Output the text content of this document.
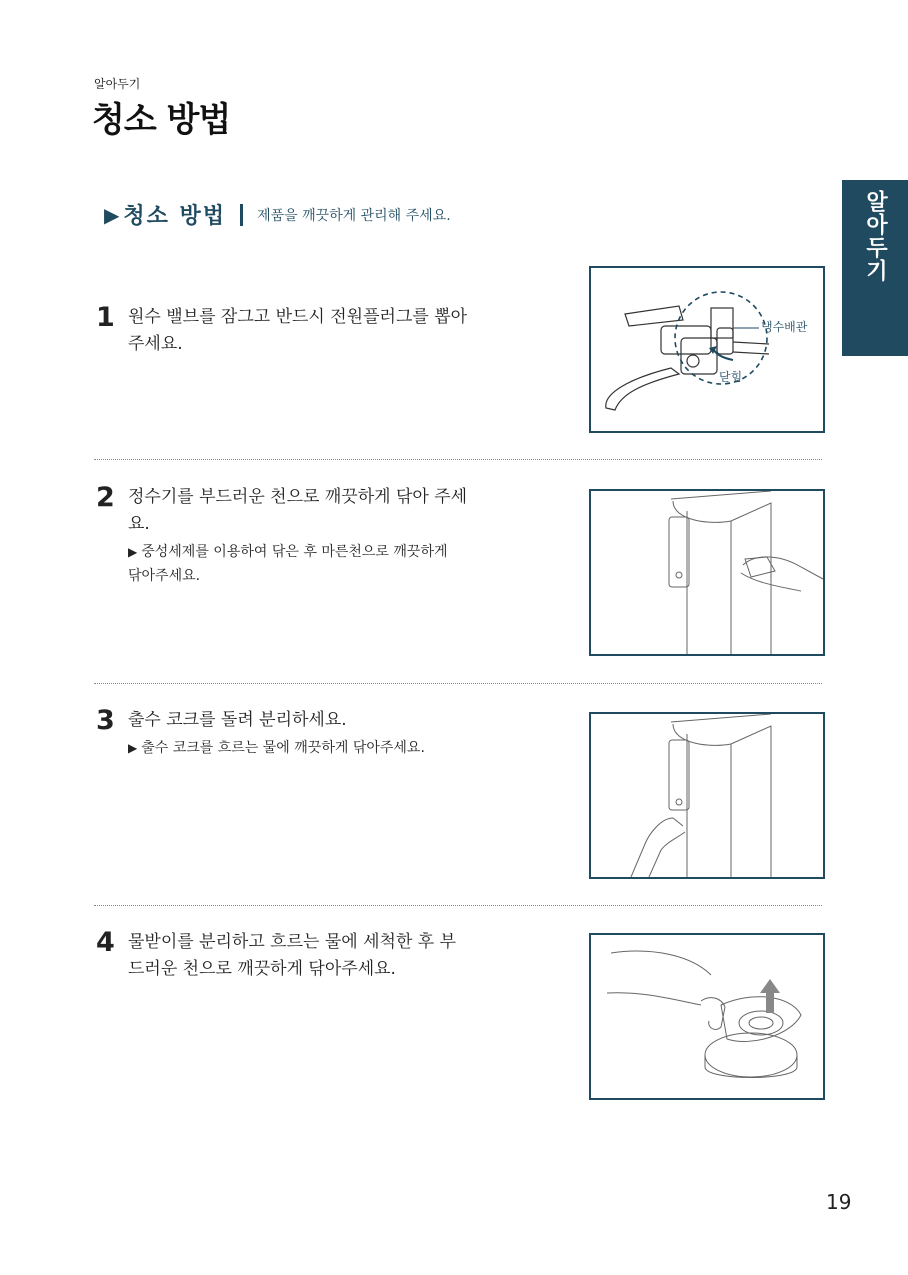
알아두기
청소 방법
알아두기
▶ 청소 방법 제품을 깨끗하게 관리해 주세요.
1 원수 밸브를 잠그고 반드시 전원플러그를 뽑아주세요.
냉수배관
닫힘
2 정수기를 부드러운 천으로 깨끗하게 닦아 주세요.
▶ 중성세제를 이용하여 닦은 후 마른천으로 깨끗하게 닦아주세요.
3 출수 코크를 돌려 분리하세요.
▶ 출수 코크를 흐르는 물에 깨끗하게 닦아주세요.
4 물받이를 분리하고 흐르는 물에 세척한 후 부드러운 천으로 깨끗하게 닦아주세요.
19
